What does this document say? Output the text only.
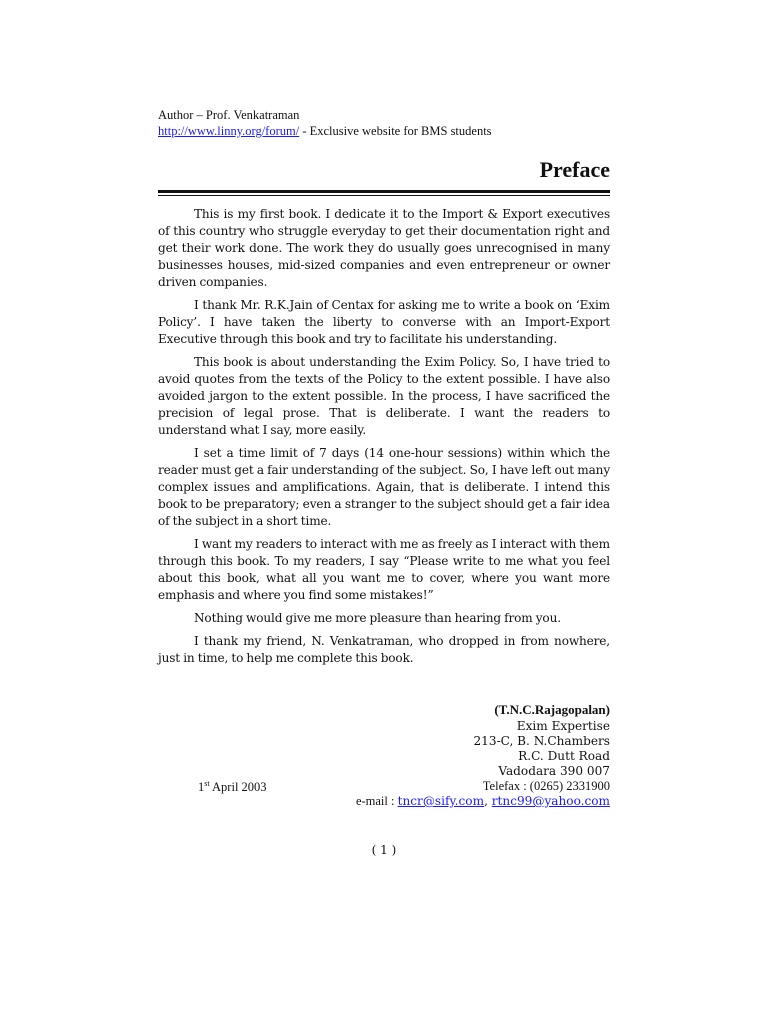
Author – Prof. Venkatraman
http://www.linny.org/forum/ - Exclusive website for BMS students
Preface

This is my first book. I dedicate it to the Import & Export executives of this country who struggle everyday to get their documentation right and get their work done. The work they do usually goes unrecognised in many businesses houses, mid-sized companies and even entrepreneur or owner driven companies.

I thank Mr. R.K.Jain of Centax for asking me to write a book on ‘Exim Policy’. I have taken the liberty to converse with an Import-Export Executive through this book and try to facilitate his understanding.

This book is about understanding the Exim Policy. So, I have tried to avoid quotes from the texts of the Policy to the extent possible. I have also avoided jargon to the extent possible. In the process, I have sacrificed the precision of legal prose. That is deliberate. I want the readers to understand what I say, more easily.

I set a time limit of 7 days (14 one-hour sessions) within which the reader must get a fair understanding of the subject. So, I have left out many complex issues and amplifications. Again, that is deliberate. I intend this book to be preparatory; even a stranger to the subject should get a fair idea of the subject in a short time.

I want my readers to interact with me as freely as I interact with them through this book. To my readers, I say “Please write to me what you feel about this book, what all you want me to cover, where you want more emphasis and where you find some mistakes!”

Nothing would give me more pleasure than hearing from you.

I thank my friend, N. Venkatraman, who dropped in from nowhere, just in time, to help me complete this book.

(T.N.C.Rajagopalan)
Exim Expertise
213-C, B. N.Chambers
R.C. Dutt Road
Vadodara 390 007
Telefax : (0265) 2331900
e-mail : tncr@sify.com, rtnc99@yahoo.com
1st April 2003
( 1 )
